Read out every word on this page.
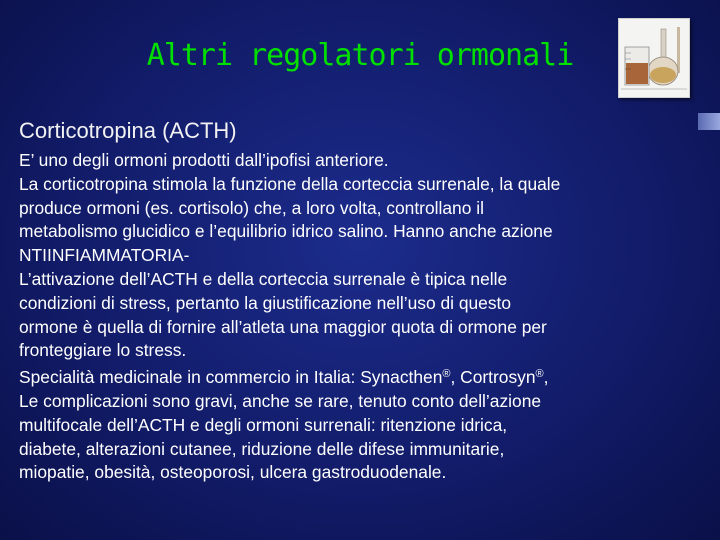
Altri regolatori ormonali
Corticotropina (ACTH)
E’ uno degli ormoni prodotti dall’ipofisi anteriore.
La corticotropina stimola la funzione della corteccia surrenale, la quale
produce ormoni (es. cortisolo) che, a loro volta, controllano il
metabolismo glucidico e l’equilibrio idrico salino. Hanno anche azione
NTIINFIAMMATORIA-
L’attivazione dell’ACTH e della corteccia surrenale è tipica nelle
condizioni di stress, pertanto la giustificazione nell’uso di questo
ormone è quella di fornire all’atleta una maggior quota di ormone per
fronteggiare lo stress.
Specialità medicinale in commercio in Italia: Synacthen®, Cortrosyn®,
Le complicazioni sono gravi, anche se rare, tenuto conto dell’azione
multifocale dell’ACTH e degli ormoni surrenali: ritenzione idrica,
diabete, alterazioni cutanee, riduzione delle difese immunitarie,
miopatie, obesità, osteoporosi, ulcera gastroduodenale.
